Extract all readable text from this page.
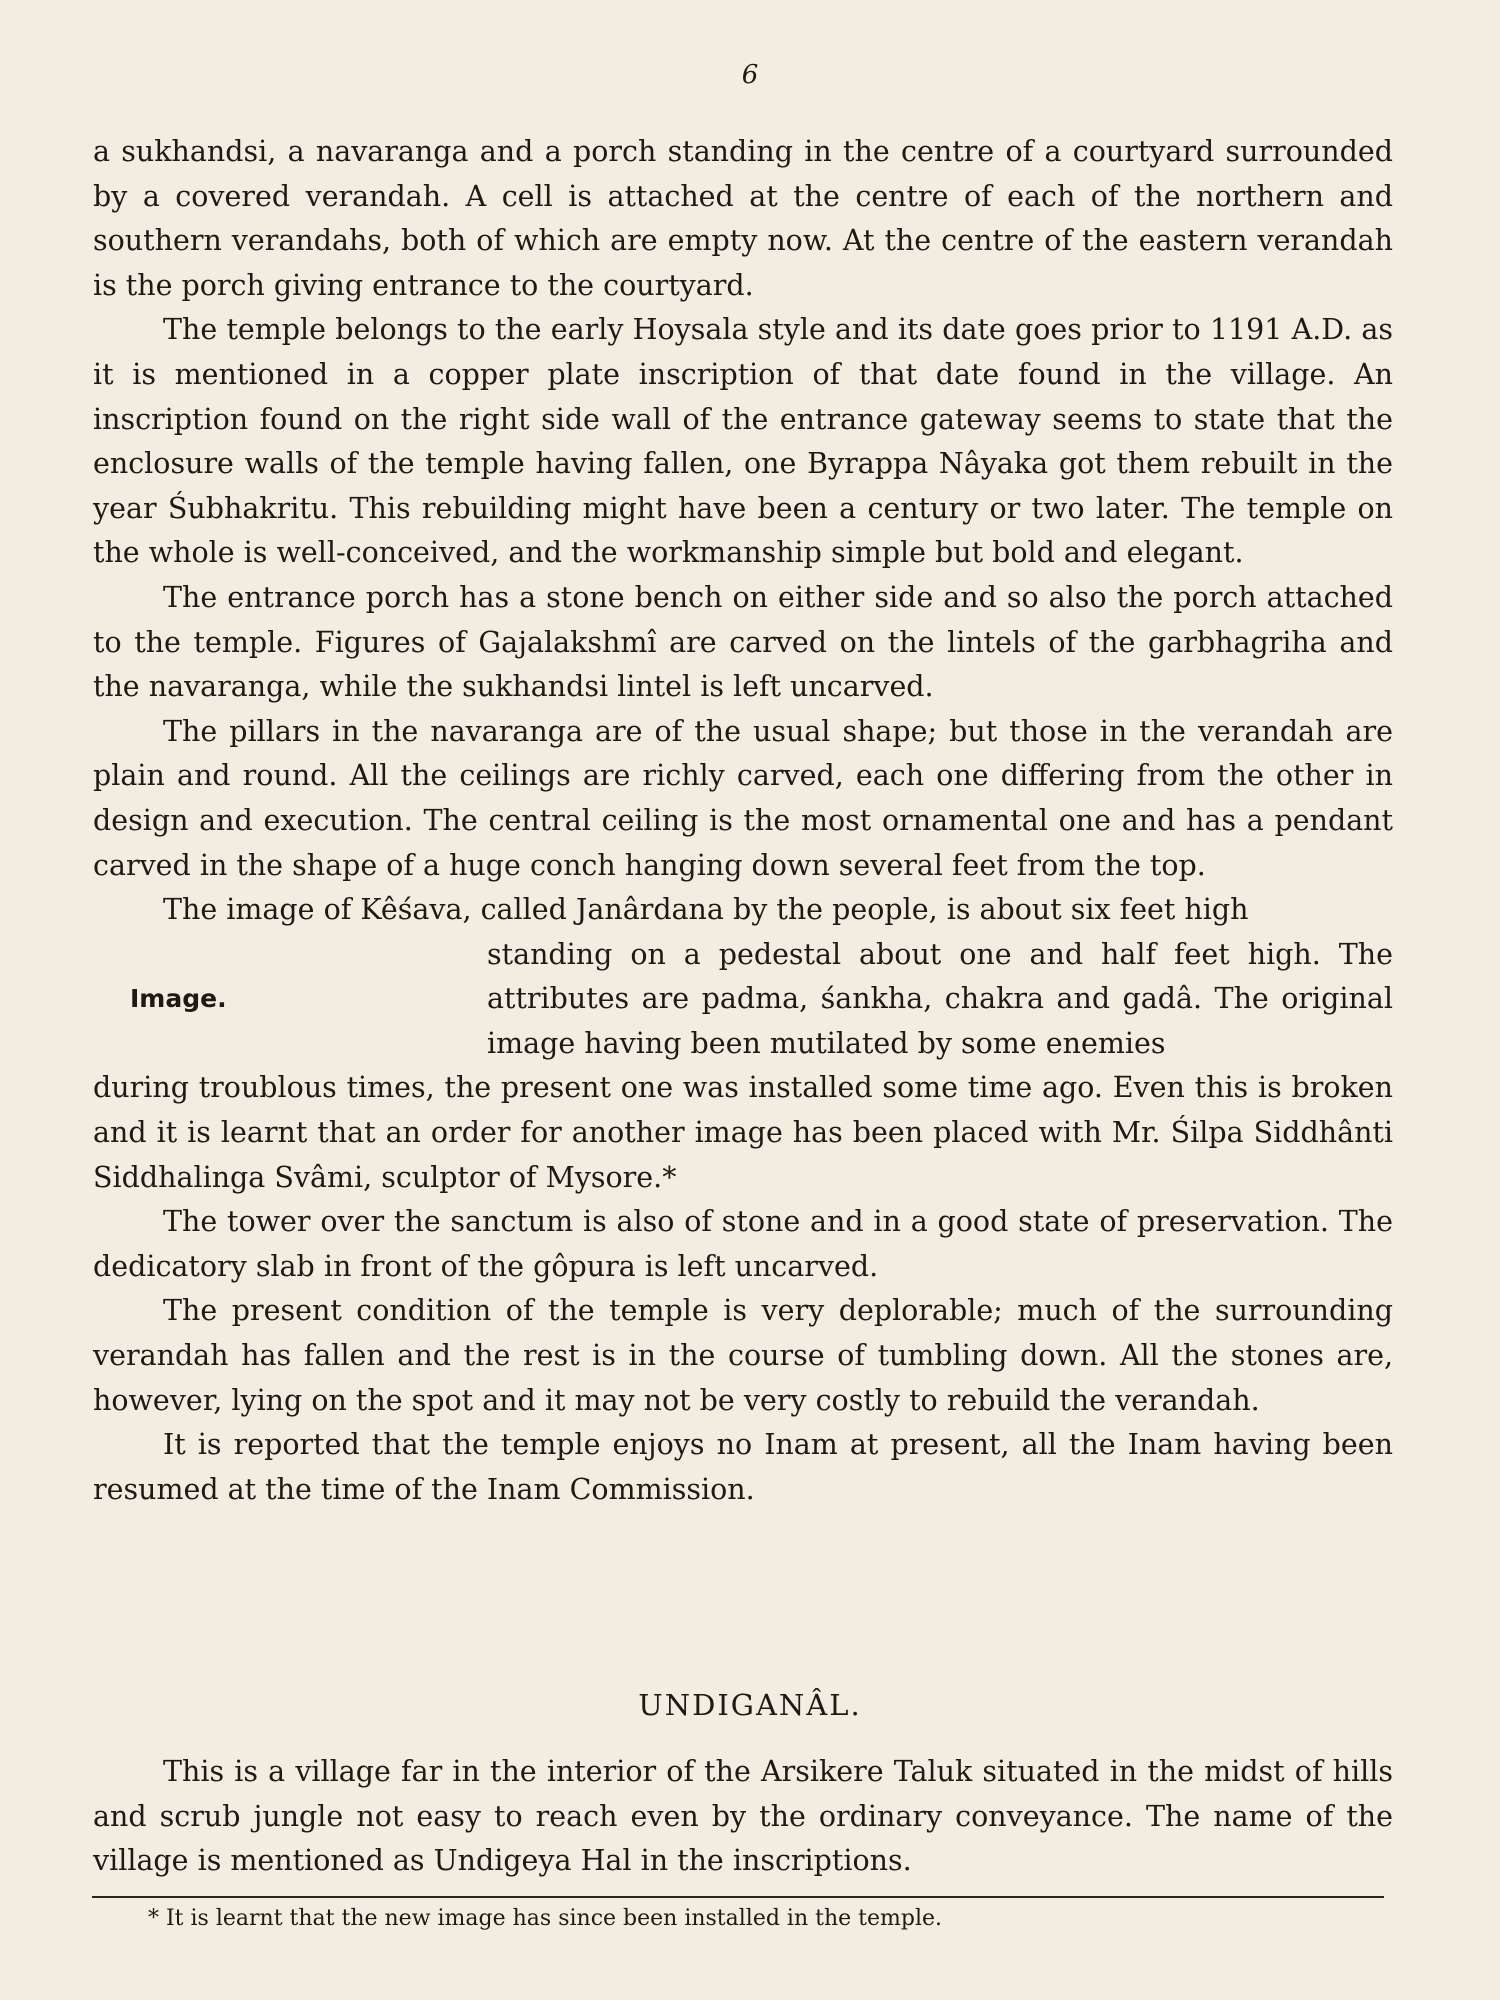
6

a sukhandsi, a navaranga and a porch standing in the centre of a courtyard surrounded by a covered verandah. A cell is attached at the centre of each of the northern and southern verandahs, both of which are empty now. At the centre of the eastern verandah is the porch giving entrance to the courtyard.

The temple belongs to the early Hoysala style and its date goes prior to 1191 A.D. as it is mentioned in a copper plate inscription of that date found in the village. An inscription found on the right side wall of the entrance gateway seems to state that the enclosure walls of the temple having fallen, one Byrappa Nâyaka got them rebuilt in the year Śubhakritu. This rebuilding might have been a century or two later. The temple on the whole is well-conceived, and the workmanship simple but bold and elegant.

The entrance porch has a stone bench on either side and so also the porch attached to the temple. Figures of Gajalakshmî are carved on the lintels of the garbhagriha and the navaranga, while the sukhandsi lintel is left uncarved.

The pillars in the navaranga are of the usual shape; but those in the verandah are plain and round. All the ceilings are richly carved, each one differing from the other in design and execution. The central ceiling is the most ornamental one and has a pendant carved in the shape of a huge conch hanging down several feet from the top.

The image of Kêśava, called Janârdana by the people, is about six feet high

Image.
standing on a pedestal about one and half feet high. The attributes are padma, śankha, chakra and gadâ. The original image having been mutilated by some enemies

during troublous times, the present one was installed some time ago. Even this is broken and it is learnt that an order for another image has been placed with Mr. Śilpa Siddhânti Siddhalinga Svâmi, sculptor of Mysore.*

The tower over the sanctum is also of stone and in a good state of preservation. The dedicatory slab in front of the gôpura is left uncarved.

The present condition of the temple is very deplorable; much of the surrounding verandah has fallen and the rest is in the course of tumbling down. All the stones are, however, lying on the spot and it may not be very costly to rebuild the verandah.

It is reported that the temple enjoys no Inam at present, all the Inam having been resumed at the time of the Inam Commission.

UNDIGANÂL.

This is a village far in the interior of the Arsikere Taluk situated in the midst of hills and scrub jungle not easy to reach even by the ordinary conveyance. The name of the village is mentioned as Undigeya Hal in the inscriptions.

* It is learnt that the new image has since been installed in the temple.
